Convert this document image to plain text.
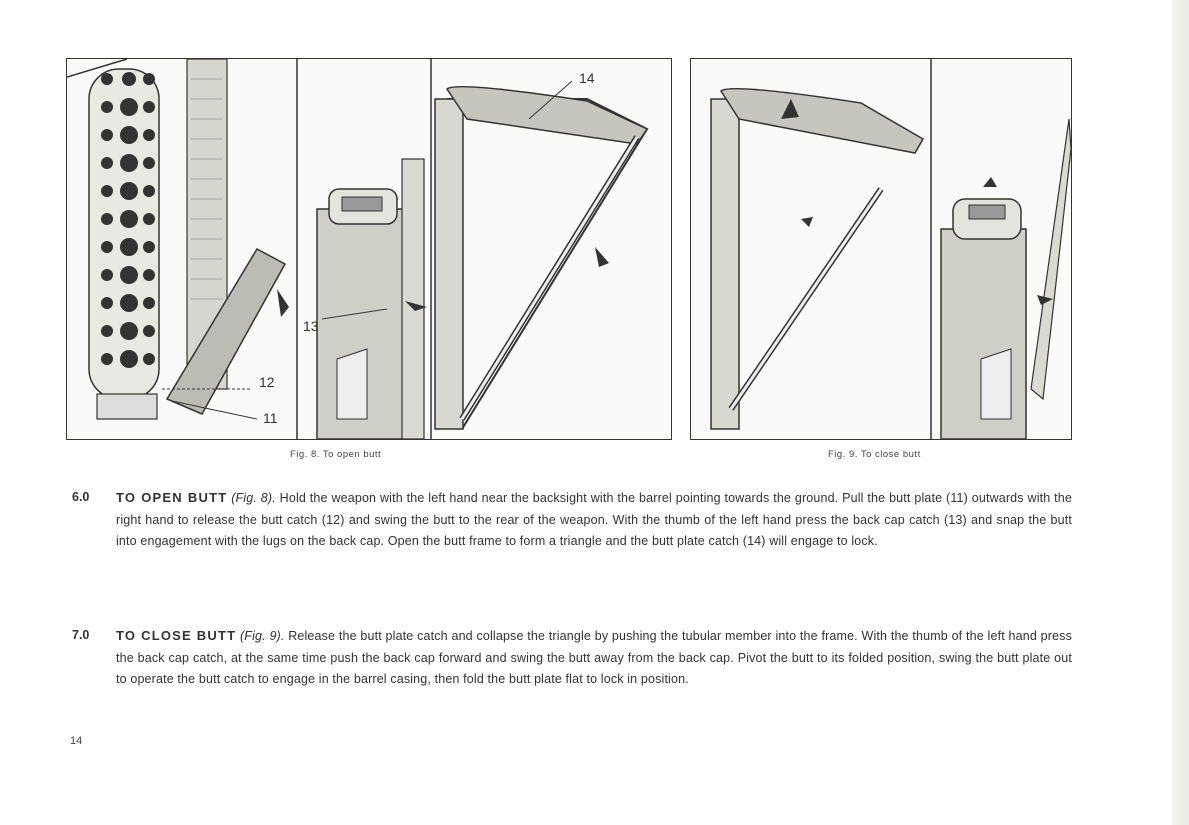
14
13
12
11
Fig. 8. To open butt	Fig. 9. To close butt
6.0 TO OPEN BUTT (Fig. 8). Hold the weapon with the left hand near the backsight with the barrel pointing towards the ground. Pull the butt plate (11) outwards with the right hand to release the butt catch (12) and swing the butt to the rear of the weapon. With the thumb of the left hand press the back cap catch (13) and snap the butt into engagement with the lugs on the back cap. Open the butt frame to form a triangle and the butt plate catch (14) will engage to lock.
7.0 TO CLOSE BUTT (Fig. 9). Release the butt plate catch and collapse the triangle by pushing the tubular member into the frame. With the thumb of the left hand press the back cap catch, at the same time push the back cap forward and swing the butt away from the back cap. Pivot the butt to its folded position, swing the butt plate out to operate the butt catch to engage in the barrel casing, then fold the butt plate flat to lock in position.
14
